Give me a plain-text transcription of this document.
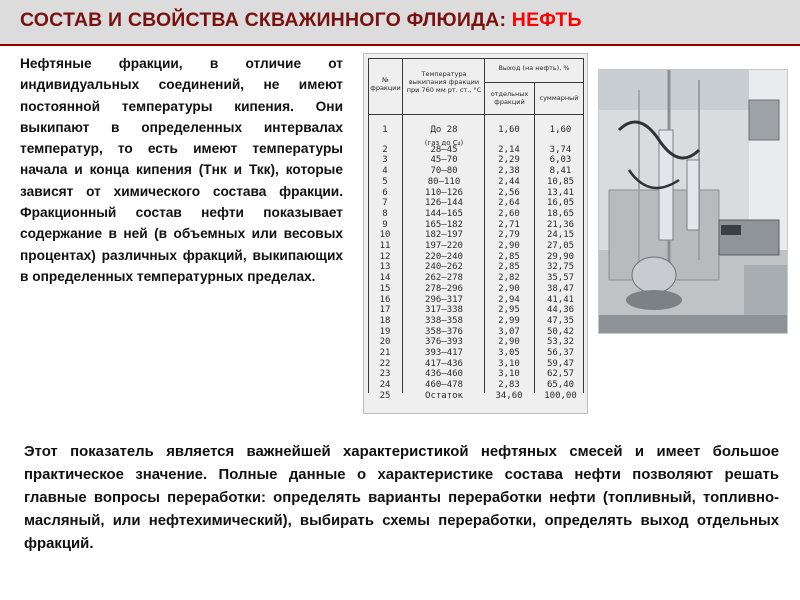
СОСТАВ И СВОЙСТВА СКВАЖИННОГО ФЛЮИДА: НЕФТЬ
Нефтяные фракции, в отличие от индивидуальных соединений, не имеют постоянной температуры кипения. Они выкипают в определенных интервалах температур, то есть имеют температуры начала и конца кипения (Тнк и Ткк), которые зависят от химического состава фракции. Фракционный состав нефти показывает содержание в ней (в объемных или весовых процентах) различных фракций, выкипающих в определенных температурных пределах.
№ фракции
Температура выкипания фракции при 760 мм рт. ст., °С
Выход (на нефть), %
отдельных фракций	суммарный
1	До 28	1,60	1,60
2	28—45	2,14	3,74
3	45—70	2,29	6,03
4	70—80	2,38	8,41
5	80—110	2,44	10,85
6	110—126	2,56	13,41
7	126—144	2,64	16,05
8	144—165	2,60	18,65
9	165—182	2,71	21,36
10	182—197	2,79	24,15
11	197—220	2,90	27,05
12	220—240	2,85	29,90
13	240—262	2,85	32,75
14	262—278	2,82	35,57
15	278—296	2,90	38,47
16	296—317	2,94	41,41
17	317—338	2,95	44,36
18	338—358	2,99	47,35
19	358—376	3,07	50,42
20	376—393	2,90	53,32
21	393—417	3,05	56,37
22	417—436	3,10	59,47
23	436—460	3,10	62,57
24	460—478	2,83	65,40
25	Остаток	34,60	100,00
(газ до С₄)
Этот показатель является важнейшей характеристикой нефтяных смесей и имеет большое практическое значение. Полные данные о характеристике состава нефти позволяют решать главные вопросы переработки: определять варианты переработки нефти (топливный, топливно-масляный, или нефтехимический), выбирать схемы переработки, определять выход отдельных фракций.
